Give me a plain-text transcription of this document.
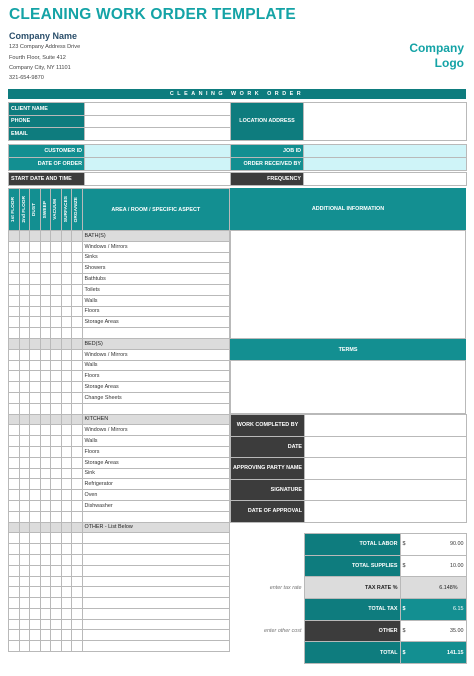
CLEANING WORK ORDER TEMPLATE
Company Name
123 Company Address Drive
Fourth Floor, Suite 412
Company City, NY 11101
321-654-9870
Company
Logo
CLEANING WORK ORDER
CLIENT NAME		LOCATION ADDRESS	
PHONE			
EMAIL			
CUSTOMER ID		JOB ID	
DATE OF ORDER		ORDER RECEIVED BY	
START DATE AND TIME		FREQUENCY	
1st FLOOR	2nd FLOOR	DUST	SWEEP	VACUUM	SURFACES	ORGANIZE	AREA / ROOM / SPECIFIC ASPECT
							BATH(S)
							Windows / Mirrors
							Sinks
							Showers
							Bathtubs
							Toilets
							Walls
							Floors
							Storage Areas

							BED(S)
							Windows / Mirrors
							Walls
							Floors
							Storage Areas
							Change Sheets

							KITCHEN
							Windows / Mirrors
							Walls
							Floors
							Storage Areas
							Sink
							Refrigerator
							Oven
							Dishwasher

							OTHER - List Below

ADDITIONAL INFORMATION
TERMS
WORK COMPLETED BY	
DATE	
APPROVING PARTY NAME	
SIGNATURE	
DATE OF APPROVAL	
	TOTAL LABOR	$	90.00
	TOTAL SUPPLIES	$	10.00
enter tax rate	TAX RATE %	6.148%	
	TOTAL TAX	$	6.15
enter other cost	OTHER	$	35.00
	TOTAL	$	141.15
